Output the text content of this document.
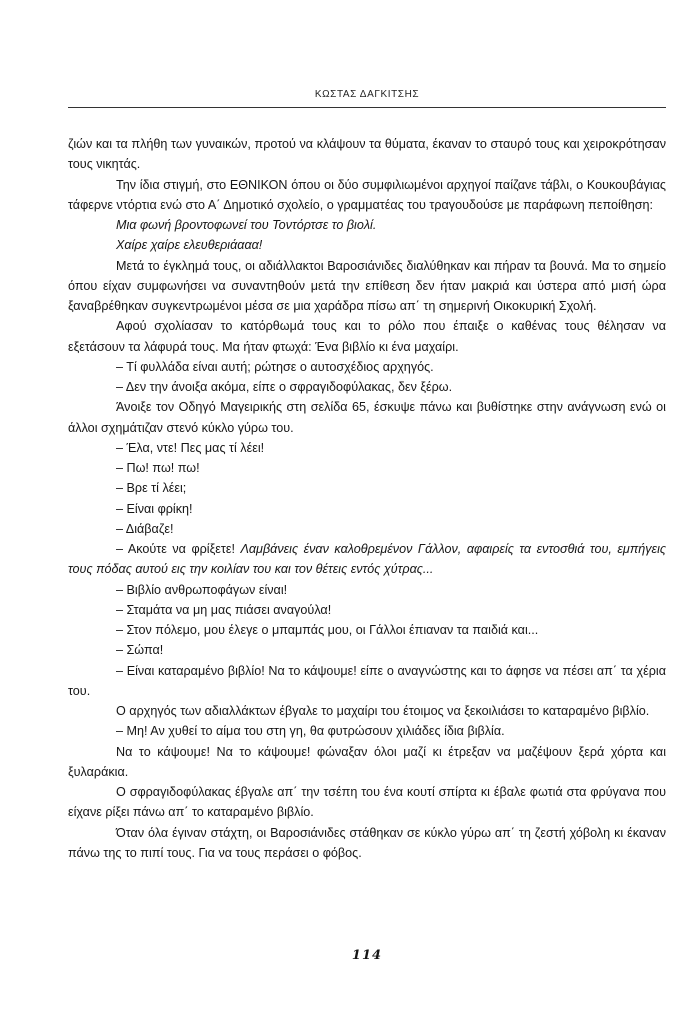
ΚΩΣΤΑΣ ΔΑΓΚΙΤΣΗΣ

ζιών και τα πλήθη των γυναικών, προτού να κλάψουν τα θύματα, έκαναν το σταυρό τους και χειροκρότησαν τους νικητάς.

Την ίδια στιγμή, στο ΕΘΝΙΚΟΝ όπου οι δύο συμφιλιωμένοι αρχηγοί παίζανε τάβλι, ο Κουκουβάγιας τάφερνε ντόρτια ενώ στο Α΄ Δημοτικό σχολείο, ο γραμματέας του τραγουδούσε με παράφωνη πεποίθηση:

Μια φωνή βροντοφωνεί του Τοντόρτσε το βιολί.

Χαίρε χαίρε ελευθεριάααα!

Μετά το έγκλημά τους, οι αδιάλλακτοι Βαροσιάνιδες διαλύθηκαν και πήραν τα βουνά. Μα το σημείο όπου είχαν συμφωνήσει να συναντηθούν μετά την επίθεση δεν ήταν μακριά και ύστερα από μισή ώρα ξαναβρέθηκαν συγκεντρωμένοι μέσα σε μια χαράδρα πίσω απ΄ τη σημερινή Οικοκυρική Σχολή.

Αφού σχολίασαν το κατόρθωμά τους και το ρόλο που έπαιξε ο καθένας τους θέλησαν να εξετάσουν τα λάφυρά τους. Μα ήταν φτωχά: Ένα βιβλίο κι ένα μαχαίρι.

– Τί φυλλάδα είναι αυτή; ρώτησε ο αυτοσχέδιος αρχηγός.

– Δεν την άνοιξα ακόμα, είπε ο σφραγιδοφύλακας, δεν ξέρω.

Άνοιξε τον Οδηγό Μαγειρικής στη σελίδα 65, έσκυψε πάνω και βυθίστηκε στην ανάγνωση ενώ οι άλλοι σχημάτιζαν στενό κύκλο γύρω του.

– Έλα, ντε! Πες μας τί λέει!

– Πω! πω! πω!

– Βρε τί λέει;

– Είναι φρίκη!

– Διάβαζε!

– Ακούτε να φρίξετε! Λαμβάνεις έναν καλοθρεμένον Γάλλον, αφαιρείς τα εντοσθιά του, εμπήγεις τους πόδας αυτού εις την κοιλίαν του και τον θέτεις εντός χύτρας...

– Βιβλίο ανθρωποφάγων είναι!

– Σταμάτα να μη μας πιάσει αναγούλα!

– Στον πόλεμο, μου έλεγε ο μπαμπάς μου, οι Γάλλοι έπιαναν τα παιδιά και...

– Σώπα!

– Είναι καταραμένο βιβλίο! Να το κάψουμε! είπε ο αναγνώστης και το άφησε να πέσει απ΄ τα χέρια του.

Ο αρχηγός των αδιαλλάκτων έβγαλε το μαχαίρι του έτοιμος να ξεκοιλιάσει το καταραμένο βιβλίο.

– Μη! Αν χυθεί το αίμα του στη γη, θα φυτρώσουν χιλιάδες ίδια βιβλία.

Να το κάψουμε! Να το κάψουμε! φώναξαν όλοι μαζί κι έτρεξαν να μαζέψουν ξερά χόρτα και ξυλαράκια.

Ο σφραγιδοφύλακας έβγαλε απ΄ την τσέπη του ένα κουτί σπίρτα κι έβαλε φωτιά στα φρύγανα που είχανε ρίξει πάνω απ΄ το καταραμένο βιβλίο.

Όταν όλα έγιναν στάχτη, οι Βαροσιάνιδες στάθηκαν σε κύκλο γύρω απ΄ τη ζεστή χόβολη κι έκαναν πάνω της το πιπί τους. Για να τους περάσει ο φόβος.

114
